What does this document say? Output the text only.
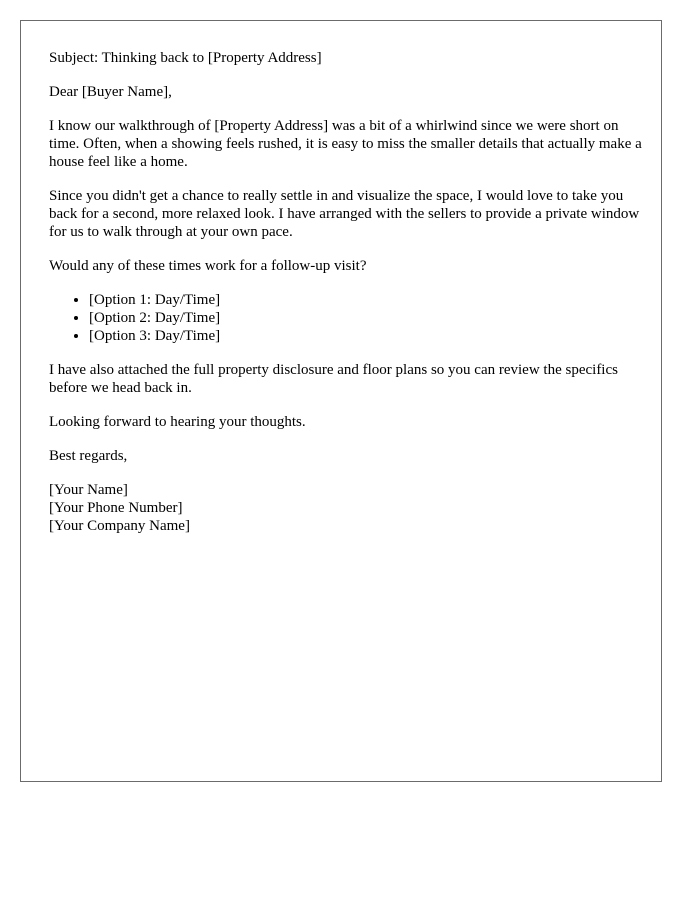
Subject: Thinking back to [Property Address]

Dear [Buyer Name],

I know our walkthrough of [Property Address] was a bit of a whirlwind since we were short on time. Often, when a showing feels rushed, it is easy to miss the smaller details that actually make a house feel like a home.

Since you didn't get a chance to really settle in and visualize the space, I would love to take you back for a second, more relaxed look. I have arranged with the sellers to provide a private window for us to walk through at your own pace.

Would any of these times work for a follow-up visit?

• [Option 1: Day/Time]
• [Option 2: Day/Time]
• [Option 3: Day/Time]

I have also attached the full property disclosure and floor plans so you can review the specifics before we head back in.

Looking forward to hearing your thoughts.

Best regards,

[Your Name]
[Your Phone Number]
[Your Company Name]
